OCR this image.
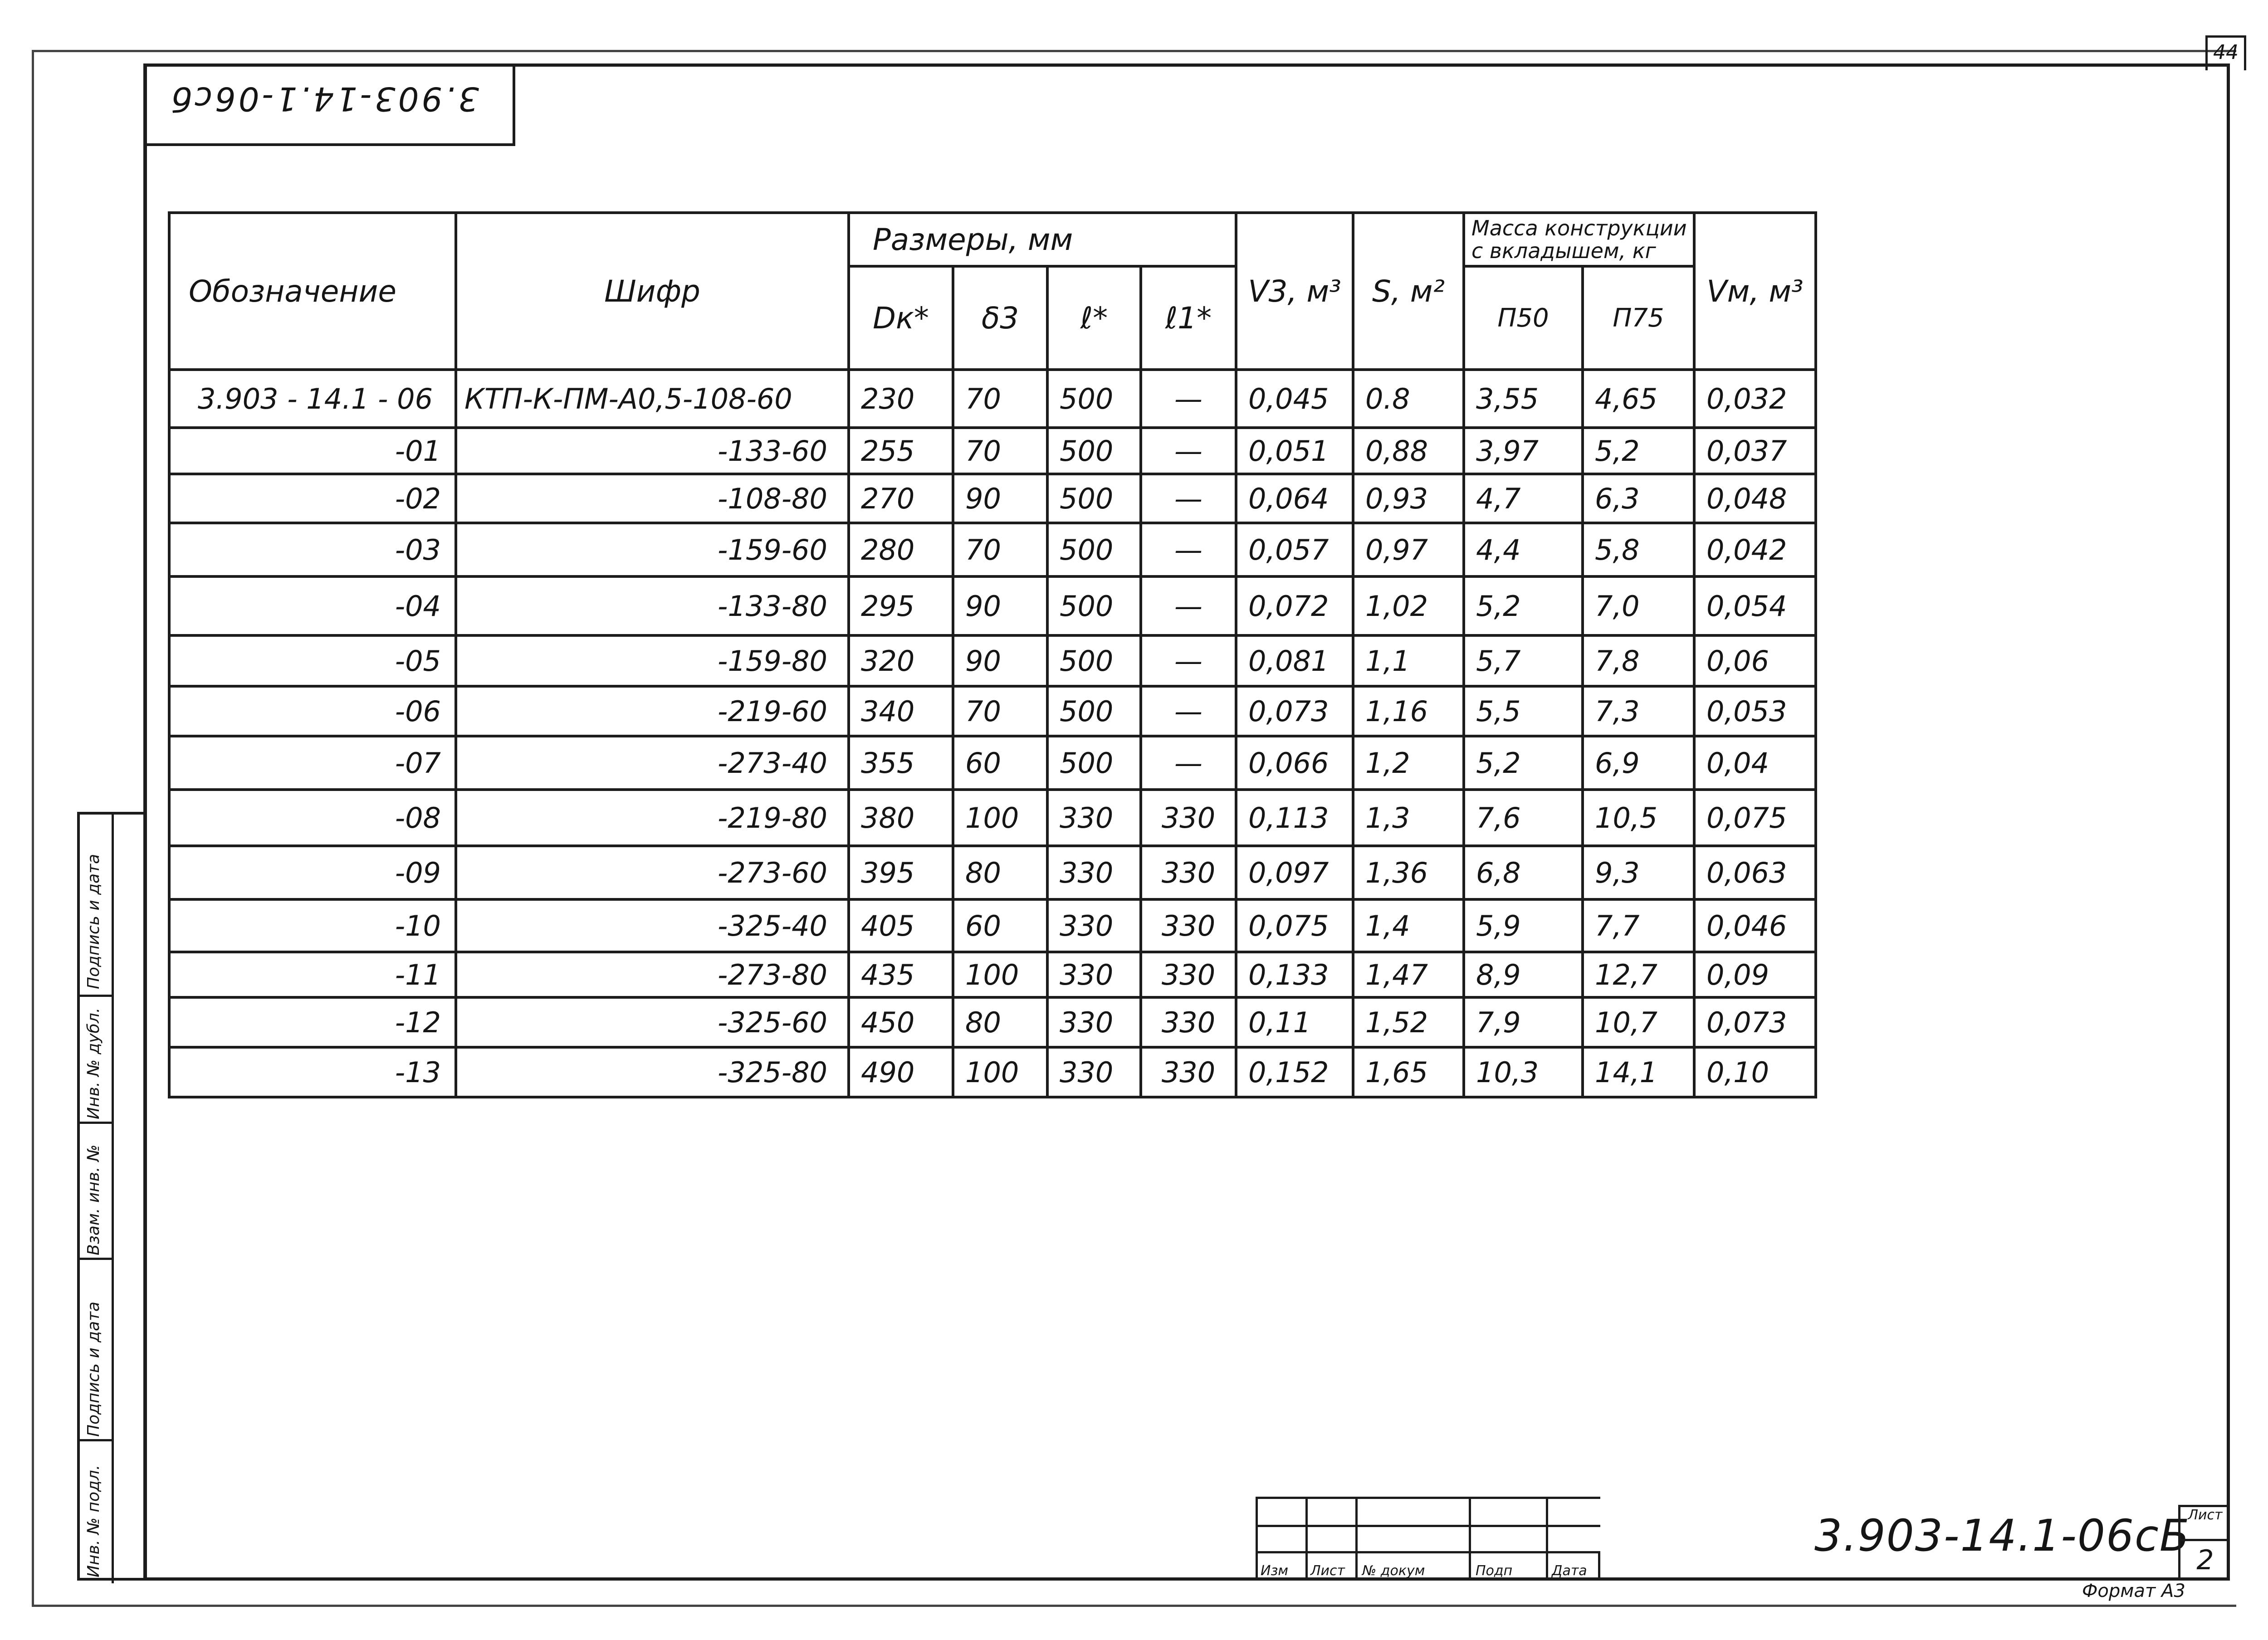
44
3.903-14.1-06сб
Подпись и дата
Инв. № дубл.
Взам. инв. №
Подпись и дата
Инв. № подл.
Обозначение	Шифр	Размеры, мм				V3, м³	S, м²	Масса конструкции с вкладышем, кг		Vм, м³
		Dк*	δ3	ℓ*	ℓ1*			П50	П75	
3.903 - 14.1 - 06	КТП-К-ПМ-А0,5-108-60	230	70	500	—	0,045	0.8	3,55	4,65	0,032
-01	-133-60	255	70	500	—	0,051	0,88	3,97	5,2	0,037
-02	-108-80	270	90	500	—	0,064	0,93	4,7	6,3	0,048
-03	-159-60	280	70	500	—	0,057	0,97	4,4	5,8	0,042
-04	-133-80	295	90	500	—	0,072	1,02	5,2	7,0	0,054
-05	-159-80	320	90	500	—	0,081	1,1	5,7	7,8	0,06
-06	-219-60	340	70	500	—	0,073	1,16	5,5	7,3	0,053
-07	-273-40	355	60	500	—	0,066	1,2	5,2	6,9	0,04
-08	-219-80	380	100	330	330	0,113	1,3	7,6	10,5	0,075
-09	-273-60	395	80	330	330	0,097	1,36	6,8	9,3	0,063
-10	-325-40	405	60	330	330	0,075	1,4	5,9	7,7	0,046
-11	-273-80	435	100	330	330	0,133	1,47	8,9	12,7	0,09
-12	-325-60	450	80	330	330	0,11	1,52	7,9	10,7	0,073
-13	-325-80	490	100	330	330	0,152	1,65	10,3	14,1	0,10
Изм Лист № докум	Подп	Дата
3.903-14.1-06сБ
Лист
2
Формат А3
